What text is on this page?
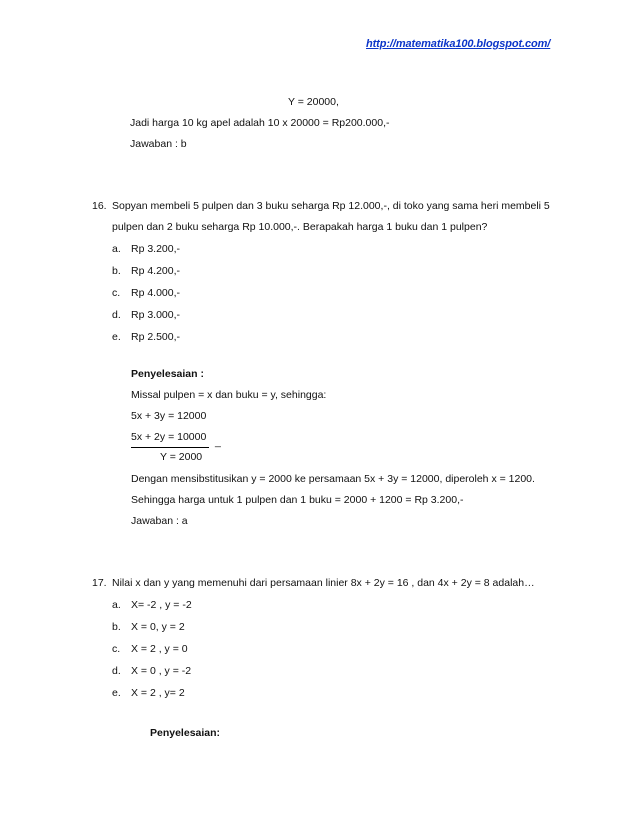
http://matematika100.blogspot.com/
Y = 20000,
Jadi harga 10 kg apel adalah 10 x 20000 = Rp200.000,-
Jawaban : b
16. Sopyan membeli 5 pulpen dan 3 buku seharga Rp 12.000,-, di toko yang sama heri membeli 5
pulpen dan 2 buku seharga Rp 10.000,-. Berapakah harga 1 buku dan 1 pulpen?
a. Rp 3.200,-
b. Rp 4.200,-
c. Rp 4.000,-
d. Rp 3.000,-
e. Rp 2.500,-
Penyelesaian :
Missal pulpen = x dan buku = y, sehingga:
5x + 3y = 12000
5x + 2y = 10000 _
Y = 2000
Dengan mensibstitusikan y = 2000 ke persamaan 5x + 3y = 12000, diperoleh x = 1200.
Sehingga harga untuk 1 pulpen dan 1 buku = 2000 + 1200 = Rp 3.200,-
Jawaban : a
17. Nilai x dan y yang memenuhi dari persamaan linier 8x + 2y = 16 , dan 4x + 2y = 8 adalah…
a. X= -2 , y = -2
b. X = 0, y = 2
c. X = 2 , y = 0
d. X = 0 , y = -2
e. X = 2 , y= 2
Penyelesaian:
